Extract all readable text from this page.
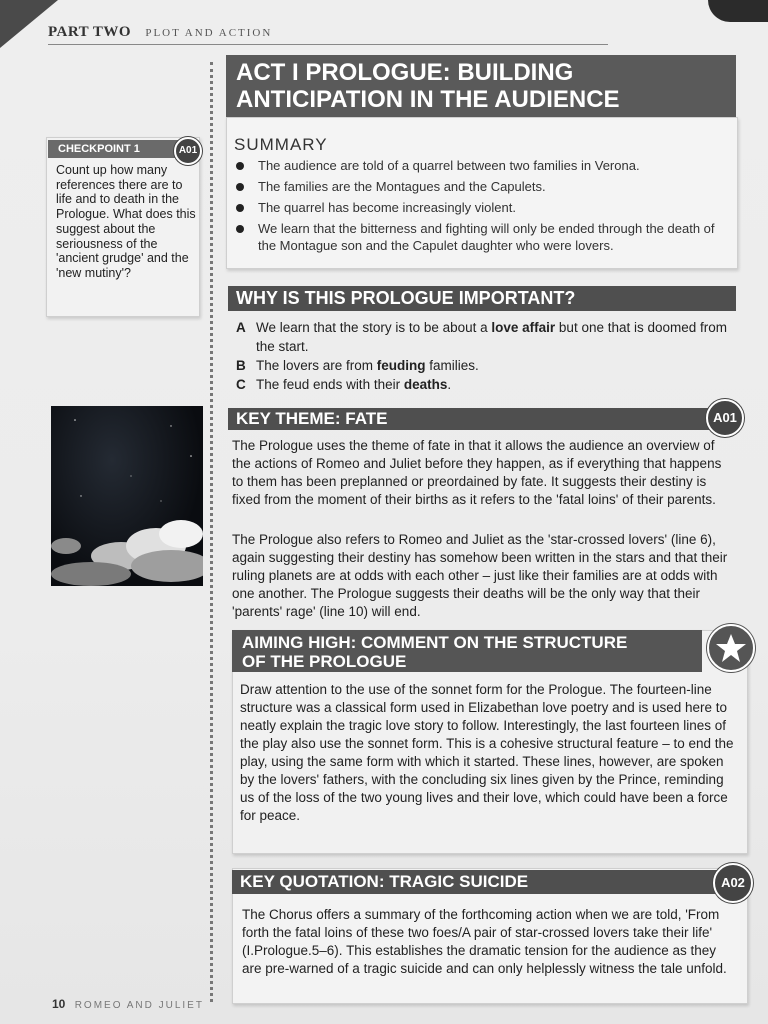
PART TWO PLOT AND ACTION
ACT I PROLOGUE: BUILDING ANTICIPATION IN THE AUDIENCE
SUMMARY
The audience are told of a quarrel between two families in Verona.
The families are the Montagues and the Capulets.
The quarrel has become increasingly violent.
We learn that the bitterness and fighting will only be ended through the death of the Montague son and the Capulet daughter who were lovers.
CHECKPOINT 1	A01
Count up how many references there are to life and to death in the Prologue. What does this suggest about the seriousness of the 'ancient grudge' and the 'new mutiny'?
WHY IS THIS PROLOGUE IMPORTANT?
A We learn that the story is to be about a love affair but one that is doomed from the start.
B The lovers are from feuding families.
C The feud ends with their deaths.
KEY THEME: FATE	A01
The Prologue uses the theme of fate in that it allows the audience an overview of the actions of Romeo and Juliet before they happen, as if everything that happens to them has been preplanned or preordained by fate. It suggests their destiny is fixed from the moment of their births as it refers to the 'fatal loins' of their parents.
The Prologue also refers to Romeo and Juliet as the 'star-crossed lovers' (line 6), again suggesting their destiny has somehow been written in the stars and that their ruling planets are at odds with each other – just like their families are at odds with one another. The Prologue suggests their deaths will be the only way that their 'parents' rage' (line 10) will end.
AIMING HIGH: COMMENT ON THE STRUCTURE
OF THE PROLOGUE
Draw attention to the use of the sonnet form for the Prologue. The fourteen-line structure was a classical form used in Elizabethan love poetry and is used here to neatly explain the tragic love story to follow. Interestingly, the last fourteen lines of the play also use the sonnet form. This is a cohesive structural feature – to end the play, using the same form with which it started. These lines, however, are spoken by the lovers' fathers, with the concluding six lines given by the Prince, reminding us of the loss of the two young lives and their love, which could have been a force for peace.
KEY QUOTATION: TRAGIC SUICIDE	A02
The Chorus offers a summary of the forthcoming action when we are told, 'From forth the fatal loins of these two foes/A pair of star-crossed lovers take their life' (I.Prologue.5–6). This establishes the dramatic tension for the audience as they are pre-warned of a tragic suicide and can only helplessly witness the tale unfold.
10 ROMEO AND JULIET
